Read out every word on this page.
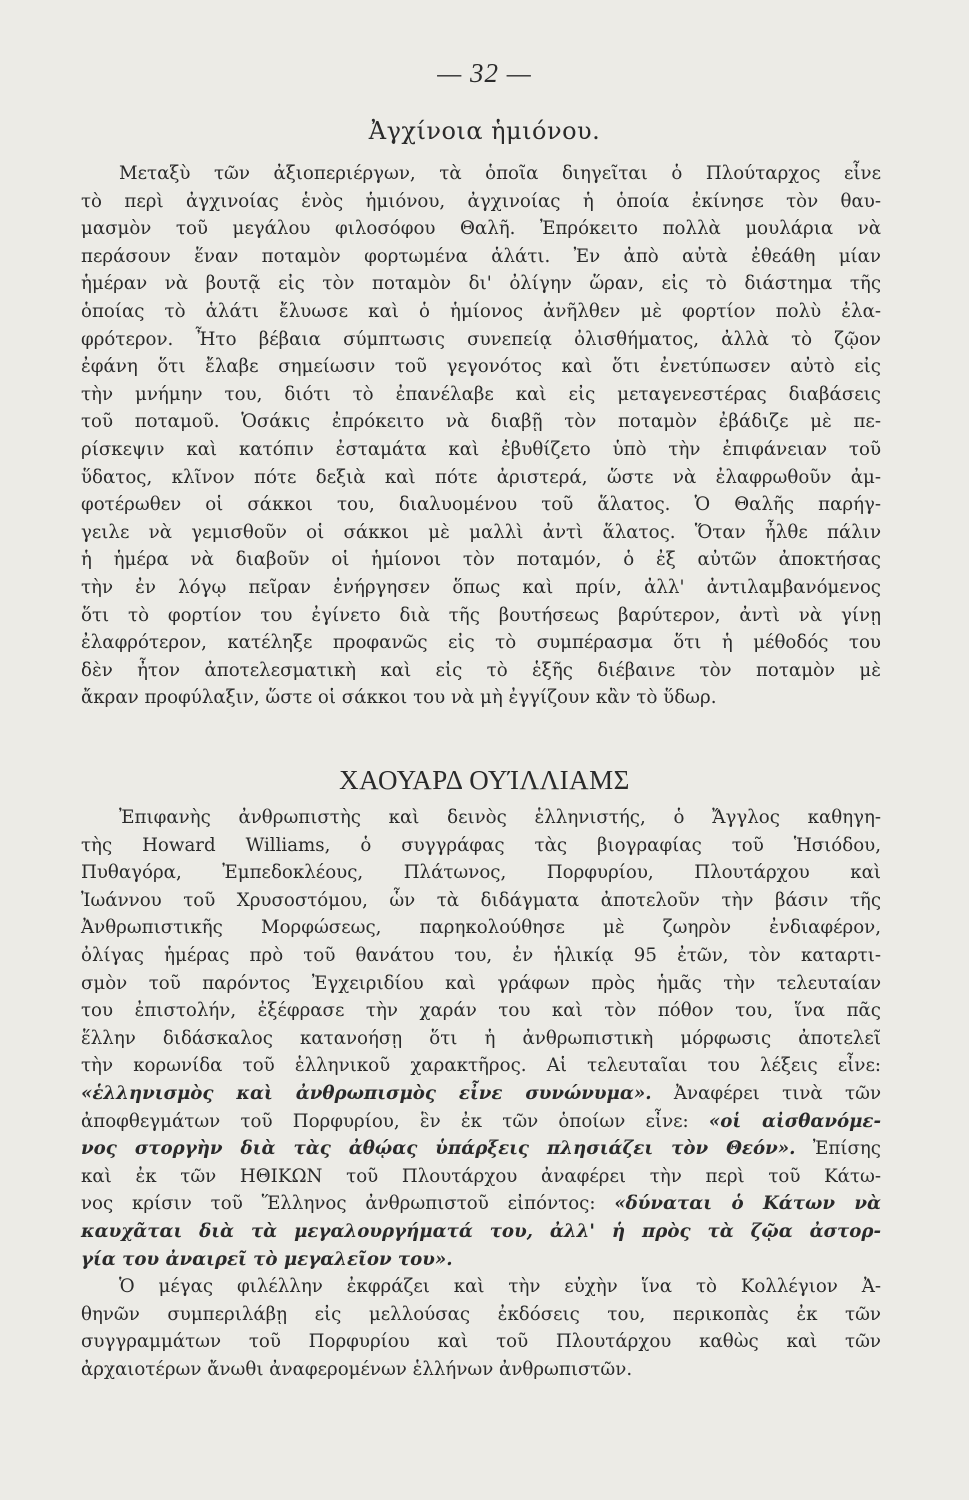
— 32 —
Ἀγχίνοια ἡμιόνου.
Μεταξὺ τῶν ἀξιοπεριέργων, τὰ ὁποῖα διηγεῖται ὁ Πλούταρχος εἶνε
τὸ περὶ ἀγχινοίας ἑνὸς ἡμιόνου, ἀγχινοίας ἡ ὁποία ἐκίνησε τὸν θαυ-
μασμὸν τοῦ μεγάλου φιλοσόφου Θαλῆ. Ἐπρόκειτο πολλὰ μουλάρια νὰ
περάσουν ἕναν ποταμὸν φορτωμένα ἁλάτι. Ἐν ἀπὸ αὐτὰ ἐθεάθη μίαν
ἡμέραν νὰ βουτᾷ εἰς τὸν ποταμὸν δι' ὀλίγην ὥραν, εἰς τὸ διάστημα τῆς
ὁποίας τὸ ἁλάτι ἔλυωσε καὶ ὁ ἡμίονος ἀνῆλθεν μὲ φορτίον πολὺ ἐλα-
φρότερον. Ἦτο βέβαια σύμπτωσις συνεπείᾳ ὀλισθήματος, ἀλλὰ τὸ ζῷον
ἐφάνη ὅτι ἔλαβε σημείωσιν τοῦ γεγονότος καὶ ὅτι ἐνετύπωσεν αὐτὸ εἰς
τὴν μνήμην του, διότι τὸ ἐπανέλαβε καὶ εἰς μεταγενεστέρας διαβάσεις
τοῦ ποταμοῦ. Ὁσάκις ἐπρόκειτο νὰ διαβῇ τὸν ποταμὸν ἐβάδιζε μὲ πε-
ρίσκεψιν καὶ κατόπιν ἐσταμάτα καὶ ἐβυθίζετο ὑπὸ τὴν ἐπιφάνειαν τοῦ
ὕδατος, κλῖνον πότε δεξιὰ καὶ πότε ἀριστερά, ὥστε νὰ ἐλαφρωθοῦν ἀμ-
φοτέρωθεν οἱ σάκκοι του, διαλυομένου τοῦ ἅλατος. Ὁ Θαλῆς παρήγ-
γειλε νὰ γεμισθοῦν οἱ σάκκοι μὲ μαλλὶ ἀντὶ ἅλατος. Ὅταν ἦλθε πάλιν
ἡ ἡμέρα νὰ διαβοῦν οἱ ἡμίονοι τὸν ποταμόν, ὁ ἐξ αὐτῶν ἀποκτήσας
τὴν ἐν λόγῳ πεῖραν ἐνήργησεν ὅπως καὶ πρίν, ἀλλ' ἀντιλαμβανόμενος
ὅτι τὸ φορτίον του ἐγίνετο διὰ τῆς βουτήσεως βαρύτερον, ἀντὶ νὰ γίνῃ
ἐλαφρότερον, κατέληξε προφανῶς εἰς τὸ συμπέρασμα ὅτι ἡ μέθοδός του
δὲν ἦτον ἀποτελεσματικὴ καὶ εἰς τὸ ἑξῆς διέβαινε τὸν ποταμὸν μὲ
ἄκραν προφύλαξιν, ὥστε οἱ σάκκοι του νὰ μὴ ἐγγίζουν κἂν τὸ ὕδωρ.
ΧΑΟΥΑΡΔ ΟΥΊΛΛΙΑΜΣ
Ἐπιφανὴς ἀνθρωπιστὴς καὶ δεινὸς ἑλληνιστής, ὁ Ἄγγλος καθηγη-
τὴς Howard Williams, ὁ συγγράφας τὰς βιογραφίας τοῦ Ἡσιόδου,
Πυθαγόρα, Ἐμπεδοκλέους, Πλάτωνος, Πορφυρίου, Πλουτάρχου καὶ
Ἰωάννου τοῦ Χρυσοστόμου, ὧν τὰ διδάγματα ἀποτελοῦν τὴν βάσιν τῆς
Ἀνθρωπιστικῆς Μορφώσεως, παρηκολούθησε μὲ ζωηρὸν ἐνδιαφέρον,
ὀλίγας ἡμέρας πρὸ τοῦ θανάτου του, ἐν ἡλικίᾳ 95 ἐτῶν, τὸν καταρτι-
σμὸν τοῦ παρόντος Ἐγχειριδίου καὶ γράφων πρὸς ἡμᾶς τὴν τελευταίαν
του ἐπιστολήν, ἐξέφρασε τὴν χαράν του καὶ τὸν πόθον του, ἵνα πᾶς
ἕλλην διδάσκαλος κατανοήσῃ ὅτι ἡ ἀνθρωπιστικὴ μόρφωσις ἀποτελεῖ
τὴν κορωνίδα τοῦ ἑλληνικοῦ χαρακτῆρος. Αἱ τελευταῖαι του λέξεις εἶνε:
«ἑλληνισμὸς καὶ ἀνθρωπισμὸς εἶνε συνώνυμα». Ἀναφέρει τινὰ τῶν
ἀποφθεγμάτων τοῦ Πορφυρίου, ἓν ἐκ τῶν ὁποίων εἶνε: «οἱ αἰσθανόμε-
νος στοργὴν διὰ τὰς ἀθῴας ὑπάρξεις πλησιάζει τὸν Θεόν». Ἐπίσης
καὶ ἐκ τῶν ΗΘΙΚΩΝ τοῦ Πλουτάρχου ἀναφέρει τὴν περὶ τοῦ Κάτω-
νος κρίσιν τοῦ Ἕλληνος ἀνθρωπιστοῦ εἰπόντος: «δύναται ὁ Κάτων νὰ
καυχᾶται διὰ τὰ μεγαλουργήματά του, ἀλλ' ἡ πρὸς τὰ ζῷα ἀστορ-
γία του ἀναιρεῖ τὸ μεγαλεῖον του».
Ὁ μέγας φιλέλλην ἐκφράζει καὶ τὴν εὐχὴν ἵνα τὸ Κολλέγιον Ἀ-
θηνῶν συμπεριλάβῃ εἰς μελλούσας ἐκδόσεις του, περικοπὰς ἐκ τῶν
συγγραμμάτων τοῦ Πορφυρίου καὶ τοῦ Πλουτάρχου καθὼς καὶ τῶν
ἀρχαιοτέρων ἄνωθι ἀναφερομένων ἑλλήνων ἀνθρωπιστῶν.
